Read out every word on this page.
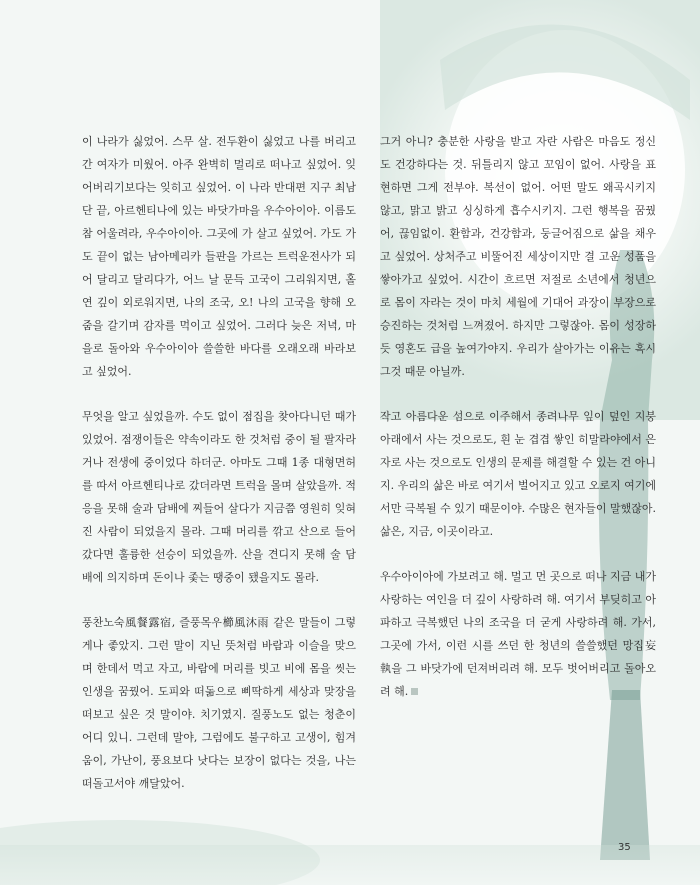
이 나라가 싫었어. 스무 살. 전두환이 싫었고 나를 버리고 간 여자가 미웠어. 아주 완벽히 멀리로 떠나고 싶었어. 잊어버리기보다는 잊히고 싶었어. 이 나라 반대편 지구 최남단 끝, 아르헨티나에 있는 바닷가마을 우수아이아. 이름도 참 어울려라, 우수아이아. 그곳에 가 살고 싶었어. 가도 가도 끝이 없는 남아메리카 들판을 가르는 트럭운전사가 되어 달리고 달리다가, 어느 날 문득 고국이 그리워지면, 홀연 깊이 외로워지면, 나의 조국, 오! 나의 고국을 향해 오줌을 갈기며 감자를 먹이고 싶었어. 그러다 늦은 저녁, 마을로 돌아와 우수아이아 쓸쓸한 바다를 오래오래 바라보고 싶었어.

무엇을 알고 싶었을까. 수도 없이 점집을 찾아다니던 때가 있었어. 점쟁이들은 약속이라도 한 것처럼 중이 될 팔자라거나 전생에 중이었다 하더군. 아마도 그때 1종 대형면허를 따서 아르헨티나로 갔더라면 트럭을 몰며 살았을까. 적응을 못해 술과 담배에 찌들어 살다가 지금쯤 영원히 잊혀진 사람이 되었을지 몰라. 그때 머리를 깎고 산으로 들어갔다면 훌륭한 선승이 되었을까. 산을 견디지 못해 술 담배에 의지하며 돈이나 좇는 땡중이 됐을지도 몰라.

풍찬노숙風餐露宿, 즐풍목우櫛風沐雨 같은 말들이 그렇게나 좋았지. 그런 말이 지닌 뜻처럼 바람과 이슬을 맞으며 한데서 먹고 자고, 바람에 머리를 빗고 비에 몸을 씻는 인생을 꿈꿨어. 도피와 떠돎으로 삐딱하게 세상과 맞장을 떠보고 싶은 것 말이야. 치기였지. 질풍노도 없는 청춘이 어디 있니. 그런데 말야, 그럼에도 불구하고 고생이, 힘겨움이, 가난이, 풍요보다 낫다는 보장이 없다는 것을, 나는 떠돌고서야 깨달았어.

그거 아니? 충분한 사랑을 받고 자란 사람은 마음도 정신도 건강하다는 것. 뒤틀리지 않고 꼬임이 없어. 사랑을 표현하면 그게 전부야. 복선이 없어. 어떤 말도 왜곡시키지 않고, 맑고 밝고 싱싱하게 흡수시키지. 그런 행복을 꿈꿨어, 끊임없이. 환함과, 건강함과, 둥글어짐으로 삶을 채우고 싶었어. 상처주고 비뚤어진 세상이지만 결 고운 성품을 쌓아가고 싶었어. 시간이 흐르면 저절로 소년에서 청년으로 몸이 자라는 것이 마치 세월에 기대어 과장이 부장으로 승진하는 것처럼 느껴졌어. 하지만 그렇잖아. 몸이 성장하듯 영혼도 급을 높여가야지. 우리가 살아가는 이유는 혹시 그것 때문 아닐까.

작고 아름다운 섬으로 이주해서 종려나무 잎이 덮인 지붕 아래에서 사는 것으로도, 흰 눈 겹겹 쌓인 히말라야에서 은자로 사는 것으로도 인생의 문제를 해결할 수 있는 건 아니지. 우리의 삶은 바로 여기서 벌어지고 있고 오로지 여기에서만 극복될 수 있기 때문이야. 수많은 현자들이 말했잖아. 삶은, 지금, 이곳이라고.

우수아이아에 가보려고 해. 멀고 먼 곳으로 떠나 지금 내가 사랑하는 여인을 더 깊이 사랑하려 해. 여기서 부딪히고 아파하고 극복했던 나의 조국을 더 굳게 사랑하려 해. 가서, 그곳에 가서, 이런 시를 쓰던 한 청년의 쓸쓸했던 망집妄執을 그 바닷가에 던져버리려 해. 모두 벗어버리고 돌아오려 해.

35
